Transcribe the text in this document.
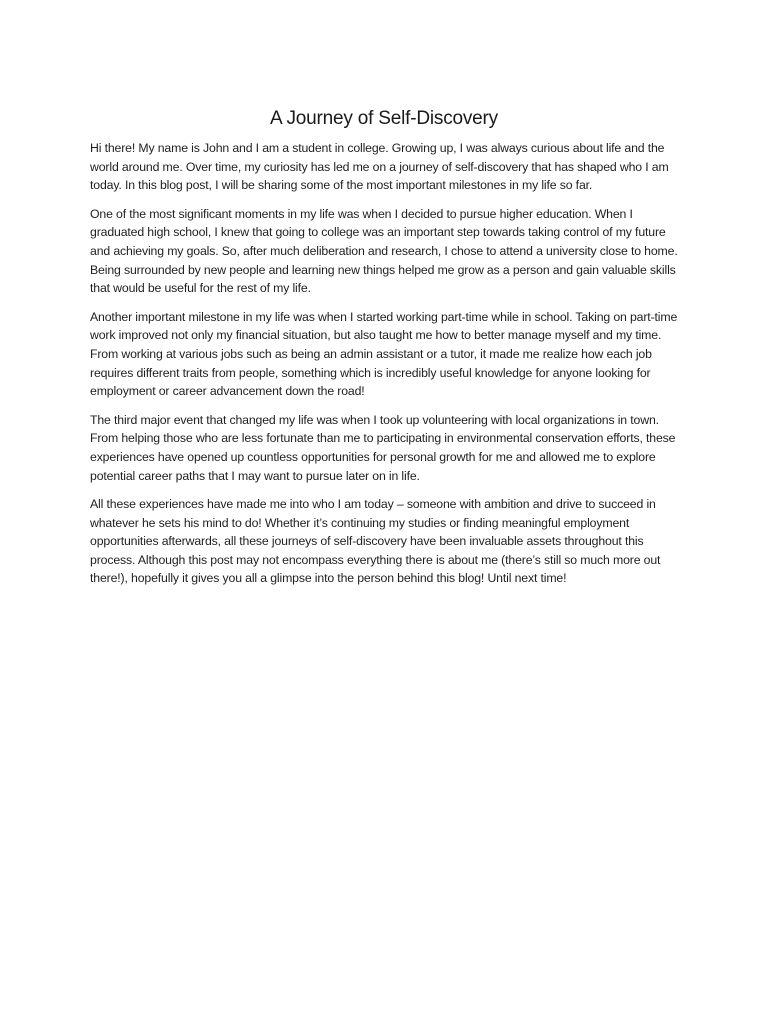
A Journey of Self-Discovery

Hi there! My name is John and I am a student in college. Growing up, I was always curious about life and the world around me. Over time, my curiosity has led me on a journey of self-discovery that has shaped who I am today. In this blog post, I will be sharing some of the most important milestones in my life so far.

One of the most significant moments in my life was when I decided to pursue higher education. When I graduated high school, I knew that going to college was an important step towards taking control of my future and achieving my goals. So, after much deliberation and research, I chose to attend a university close to home. Being surrounded by new people and learning new things helped me grow as a person and gain valuable skills that would be useful for the rest of my life.

Another important milestone in my life was when I started working part-time while in school. Taking on part-time work improved not only my financial situation, but also taught me how to better manage myself and my time. From working at various jobs such as being an admin assistant or a tutor, it made me realize how each job requires different traits from people, something which is incredibly useful knowledge for anyone looking for employment or career advancement down the road!

The third major event that changed my life was when I took up volunteering with local organizations in town. From helping those who are less fortunate than me to participating in environmental conservation efforts, these experiences have opened up countless opportunities for personal growth for me and allowed me to explore potential career paths that I may want to pursue later on in life.

All these experiences have made me into who I am today – someone with ambition and drive to succeed in whatever he sets his mind to do! Whether it’s continuing my studies or finding meaningful employment opportunities afterwards, all these journeys of self-discovery have been invaluable assets throughout this process. Although this post may not encompass everything there is about me (there’s still so much more out there!), hopefully it gives you all a glimpse into the person behind this blog! Until next time!
